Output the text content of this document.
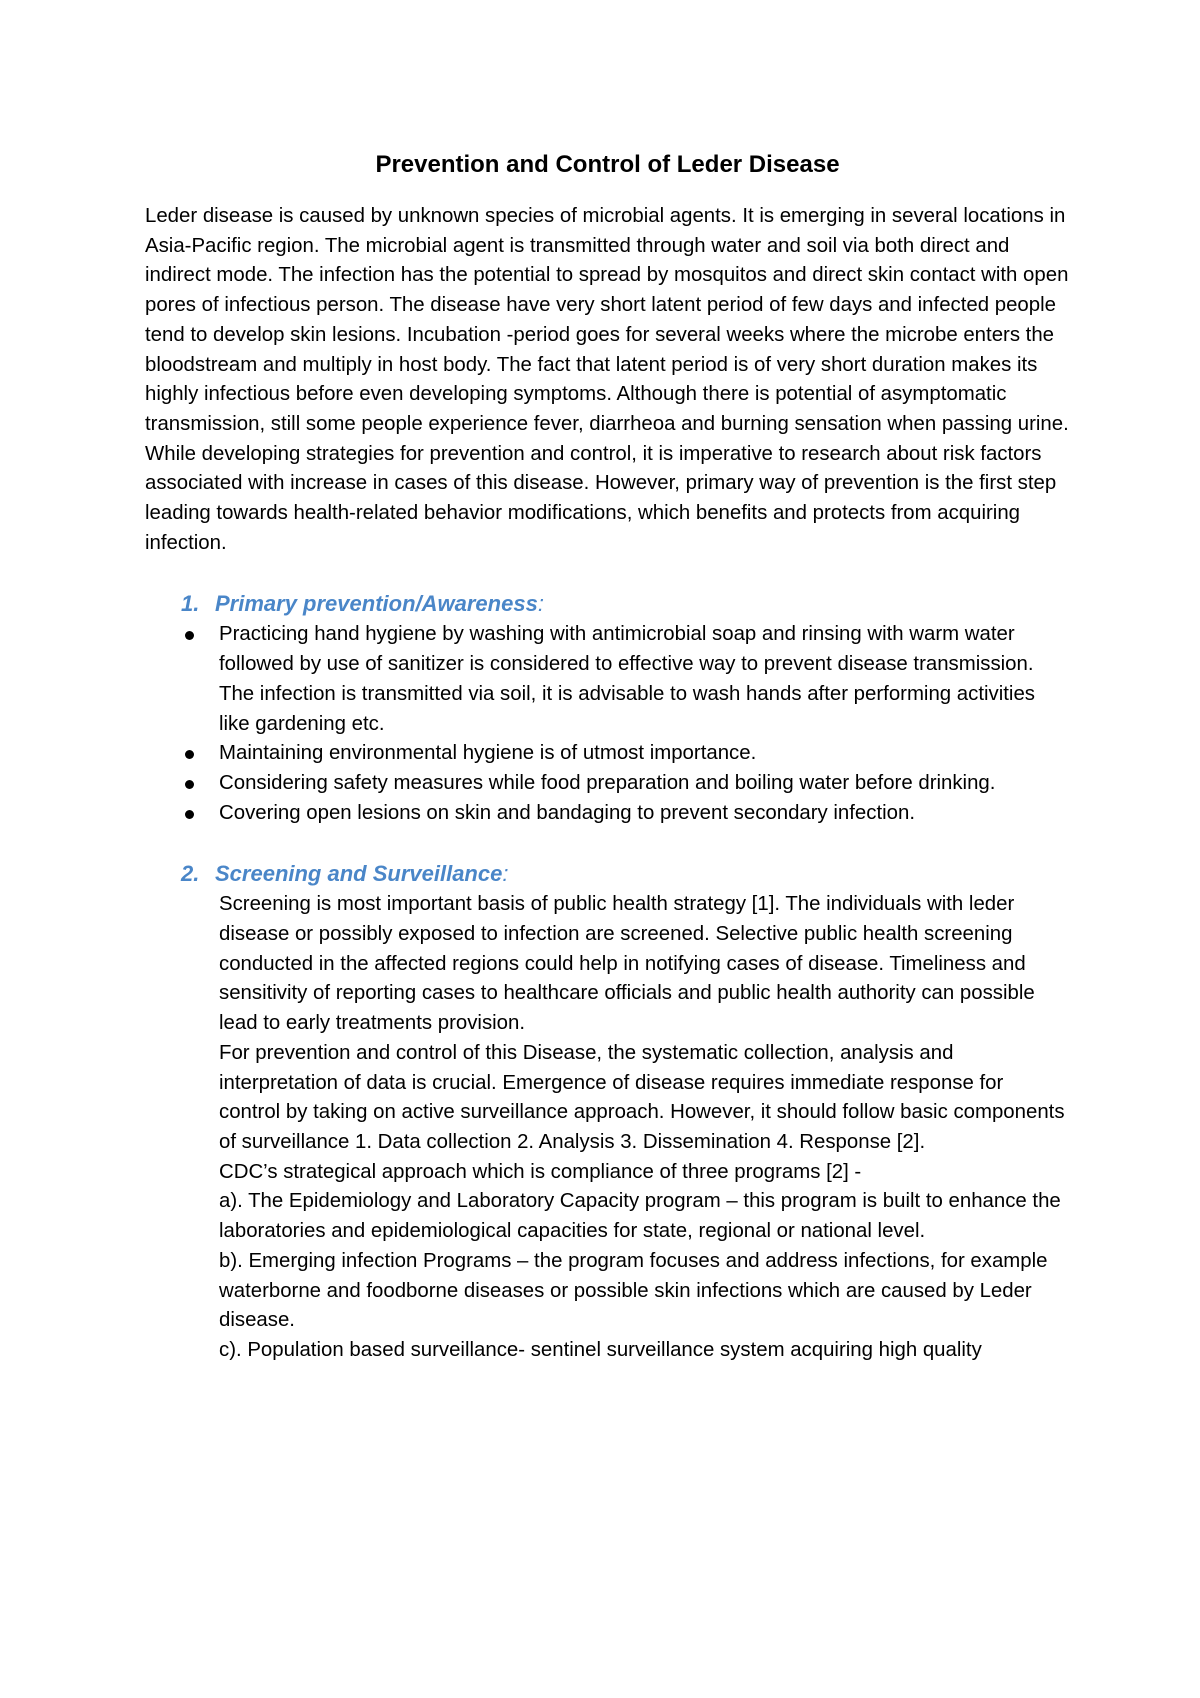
Prevention and Control of Leder Disease

Leder disease is caused by unknown species of microbial agents. It is emerging in several locations in Asia-Pacific region. The microbial agent is transmitted through water and soil via both direct and indirect mode. The infection has the potential to spread by mosquitos and direct skin contact with open pores of infectious person. The disease have very short latent period of few days and infected people tend to develop skin lesions. Incubation -period goes for several weeks where the microbe enters the bloodstream and multiply in host body. The fact that latent period is of very short duration makes its highly infectious before even developing symptoms. Although there is potential of asymptomatic transmission, still some people experience fever, diarrheoa and burning sensation when passing urine.

While developing strategies for prevention and control, it is imperative to research about risk factors associated with increase in cases of this disease. However, primary way of prevention is the first step leading towards health-related behavior modifications, which benefits and protects from acquiring infection.

1. Primary prevention/Awareness:
Practicing hand hygiene by washing with antimicrobial soap and rinsing with warm water followed by use of sanitizer is considered to effective way to prevent disease transmission. The infection is transmitted via soil, it is advisable to wash hands after performing activities like gardening etc.
Maintaining environmental hygiene is of utmost importance.
Considering safety measures while food preparation and boiling water before drinking.
Covering open lesions on skin and bandaging to prevent secondary infection.
2. Screening and Surveillance:

Screening is most important basis of public health strategy [1]. The individuals with leder disease or possibly exposed to infection are screened. Selective public health screening conducted in the affected regions could help in notifying cases of disease. Timeliness and sensitivity of reporting cases to healthcare officials and public health authority can possible lead to early treatments provision.

For prevention and control of this Disease, the systematic collection, analysis and interpretation of data is crucial. Emergence of disease requires immediate response for control by taking on active surveillance approach. However, it should follow basic components of surveillance 1. Data collection 2. Analysis 3. Dissemination 4. Response [2].

CDC’s strategical approach which is compliance of three programs [2] -

a). The Epidemiology and Laboratory Capacity program – this program is built to enhance the laboratories and epidemiological capacities for state, regional or national level.

b). Emerging infection Programs – the program focuses and address infections, for example waterborne and foodborne diseases or possible skin infections which are caused by Leder disease.

c). Population based surveillance- sentinel surveillance system acquiring high quality
